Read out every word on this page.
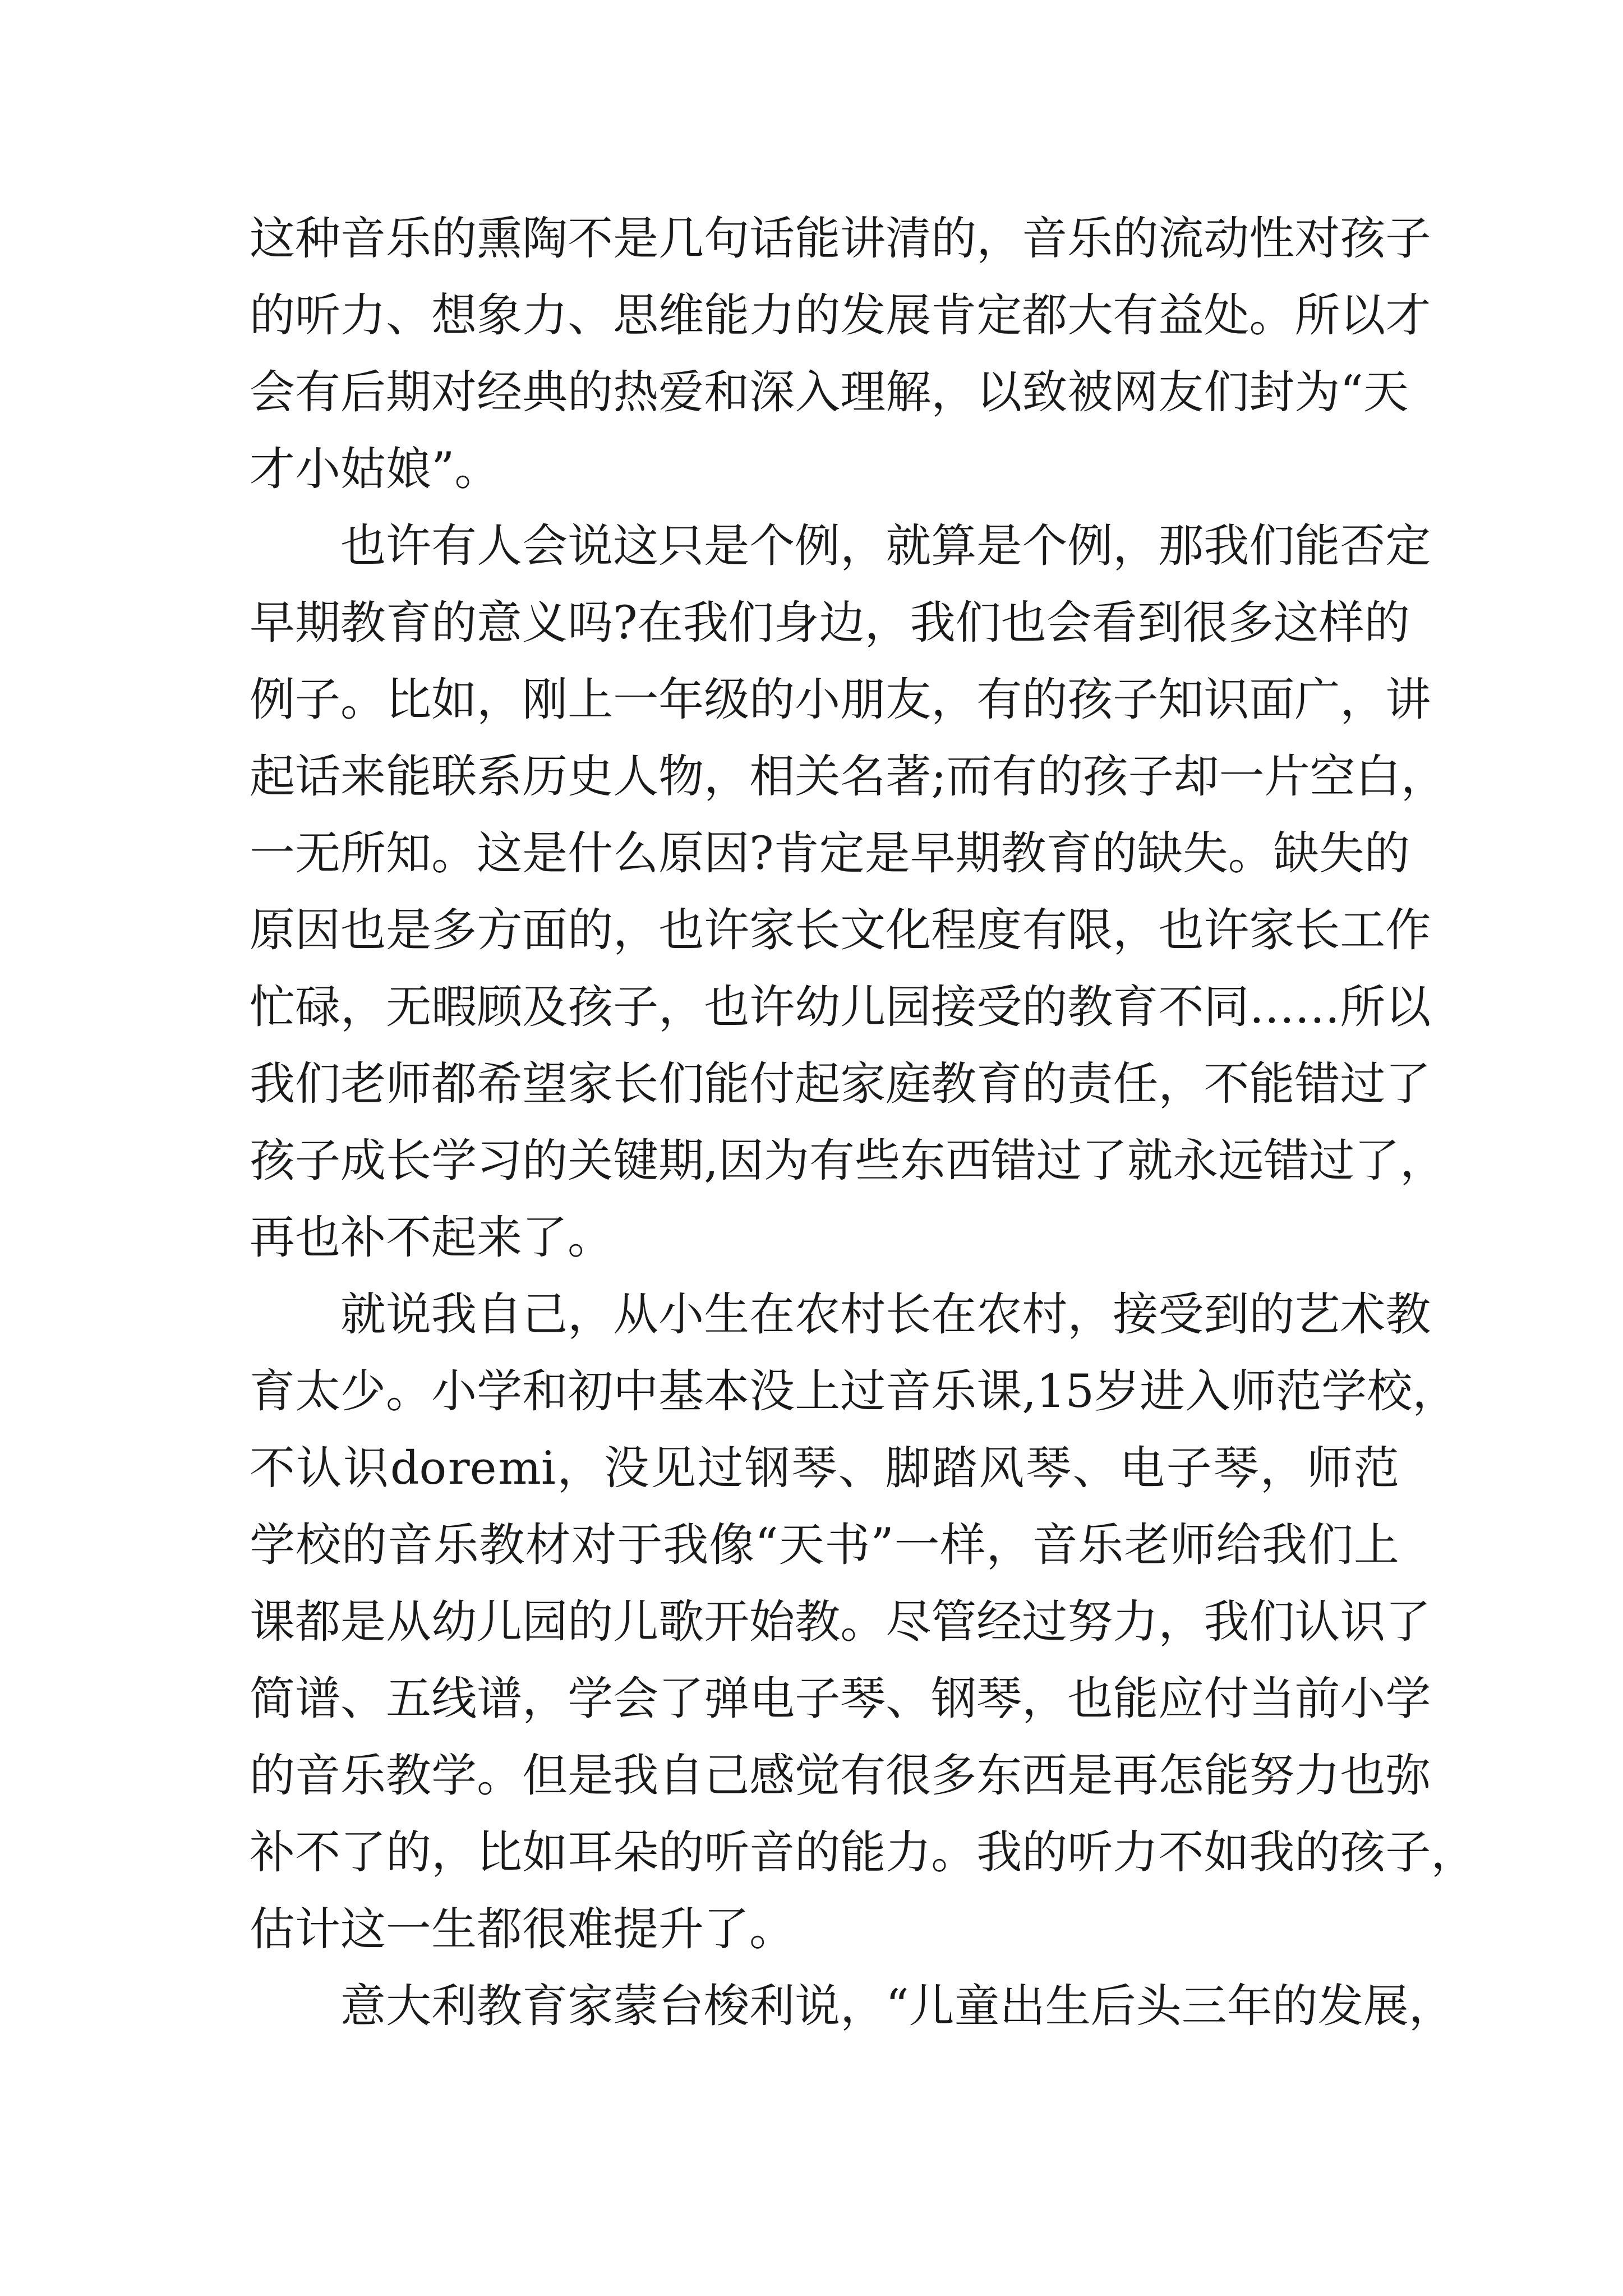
这 种 音 乐 的 熏 陶 不 是 几 句 话 能 讲 清 的 ， 音 乐 的 流 动 性 对 孩 子
的 听 力 、 想 象 力 、 思 维 能 力 的 发 展 肯 定 都 大 有 益 处 。 所 以 才
会 有 后 期 对 经 典 的 热 爱 和 深 入 理 解 ， 以 致 被 网 友 们 封 为 “ 天
才小姑娘”。
也 许 有 人 会 说 这 只 是 个 例 ， 就 算 是 个 例 ， 那 我 们 能 否 定
早 期 教 育 的 意 义 吗 ? 在 我 们 身 边 ， 我 们 也 会 看 到 很 多 这 样 的
例 子 。 比 如 ， 刚 上 一 年 级 的 小 朋 友 ， 有 的 孩 子 知 识 面 广 ， 讲
起 话 来 能 联 系 历 史 人 物 ， 相 关 名 著 ; 而 有 的 孩 子 却 一 片 空 白 ，
一 无 所 知 。 这 是 什 么 原 因 ? 肯 定 是 早 期 教 育 的 缺 失 。 缺 失 的
原 因 也 是 多 方 面 的 ， 也 许 家 长 文 化 程 度 有 限 ， 也 许 家 长 工 作
忙 碌 ， 无 暇 顾 及 孩 子 ， 也 许 幼 儿 园 接 受 的 教 育 不 同 … … 所 以
我 们 老 师 都 希 望 家 长 们 能 付 起 家 庭 教 育 的 责 任 ， 不 能 错 过 了
孩 子 成 长 学 习 的 关 键 期 , 因 为 有 些 东 西 错 过 了 就 永 远 错 过 了 ，
再也补不起来了。
就 说 我 自 己 ， 从 小 生 在 农 村 长 在 农 村 ， 接 受 到 的 艺 术 教
育 太 少 。 小 学 和 初 中 基 本 没 上 过 音 乐 课 , 15 岁 进 入 师 范 学 校 ，
不 认 识 do re mi ， 没 见 过 钢 琴 、 脚 踏 风 琴 、 电 子 琴 ， 师 范
学 校 的 音 乐 教 材 对 于 我 像 “ 天 书 ” 一 样 ， 音 乐 老 师 给 我 们 上
课 都 是 从 幼 儿 园 的 儿 歌 开 始 教 。 尽 管 经 过 努 力 ， 我 们 认 识 了
简 谱 、 五 线 谱 ， 学 会 了 弹 电 子 琴 、 钢 琴 ， 也 能 应 付 当 前 小 学
的 音 乐 教 学 。 但 是 我 自 己 感 觉 有 很 多 东 西 是 再 怎 能 努 力 也 弥
补 不 了 的 ， 比 如 耳 朵 的 听 音 的 能 力 。 我 的 听 力 不 如 我 的 孩 子 ，
估计这一生都很难提升了。
意 大 利 教 育 家 蒙 台 梭 利 说 ， “ 儿 童 出 生 后 头 三 年 的 发 展 ，
